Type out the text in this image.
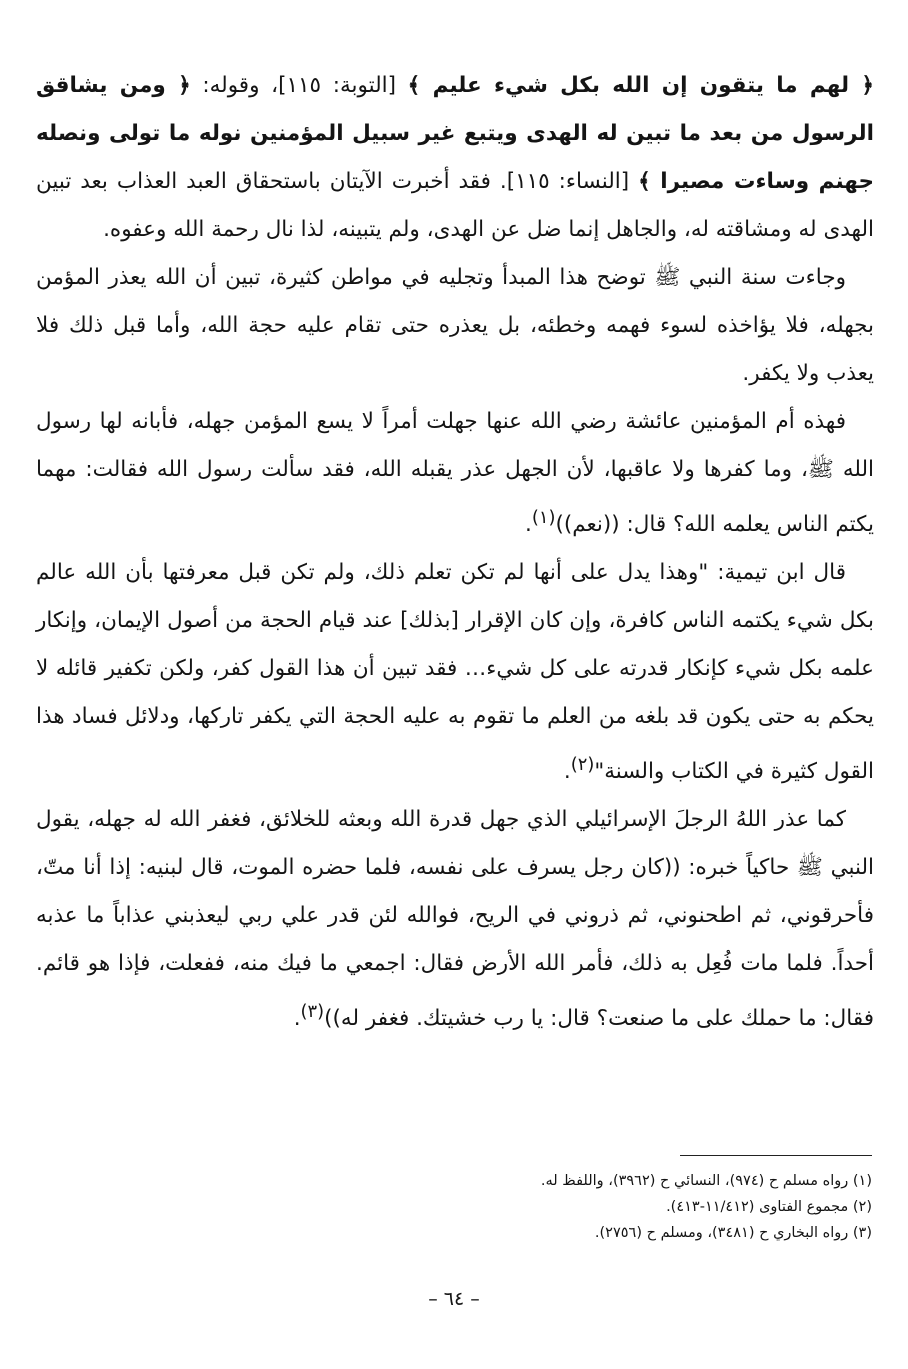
﴿ لهم ما يتقون إن الله بكل شيء عليم ﴾ [التوبة: ١١٥]، وقوله: ﴿ ومن يشاقق الرسول من بعد ما تبين له الهدى ويتبع غير سبيل المؤمنين نوله ما تولى ونصله جهنم وساءت مصيرا ﴾ [النساء: ١١٥]. فقد أخبرت الآيتان باستحقاق العبد العذاب بعد تبين الهدى له ومشاقته له، والجاهل إنما ضل عن الهدى، ولم يتبينه، لذا نال رحمة الله وعفوه.

وجاءت سنة النبي ﷺ توضح هذا المبدأ وتجليه في مواطن كثيرة، تبين أن الله يعذر المؤمن بجهله، فلا يؤاخذه لسوء فهمه وخطئه، بل يعذره حتى تقام عليه حجة الله، وأما قبل ذلك فلا يعذب ولا يكفر.

فهذه أم المؤمنين عائشة رضي الله عنها جهلت أمراً لا يسع المؤمن جهله، فأبانه لها رسول الله ﷺ، وما كفرها ولا عاقبها، لأن الجهل عذر يقبله الله، فقد سألت رسول الله فقالت: مهما يكتم الناس يعلمه الله؟ قال: ((نعم))$^{(١)}$.

قال ابن تيمية: "وهذا يدل على أنها لم تكن تعلم ذلك، ولم تكن قبل معرفتها بأن الله عالم بكل شيء يكتمه الناس كافرة، وإن كان الإقرار [بذلك] عند قيام الحجة من أصول الإيمان، وإنكار علمه بكل شيء كإنكار قدرته على كل شيء… فقد تبين أن هذا القول كفر، ولكن تكفير قائله لا يحكم به حتى يكون قد بلغه من العلم ما تقوم به عليه الحجة التي يكفر تاركها، ودلائل فساد هذا القول كثيرة في الكتاب والسنة"$^{(٢)}$.

كما عذر اللهُ الرجلَ الإسرائيلي الذي جهل قدرة الله وبعثه للخلائق، فغفر الله له جهله، يقول النبي ﷺ حاكياً خبره: ((كان رجل يسرف على نفسه، فلما حضره الموت، قال لبنيه: إذا أنا متّ، فأحرقوني، ثم اطحنوني، ثم ذروني في الريح، فوالله لئن قدر علي ربي ليعذبني عذاباً ما عذبه أحداً. فلما مات فُعِل به ذلك، فأمر الله الأرض فقال: اجمعي ما فيك منه، ففعلت، فإذا هو قائم. فقال: ما حملك على ما صنعت؟ قال: يا رب خشيتك. فغفر له))$^{(٣)}$.

(١) رواه مسلم ح (٩٧٤)، النسائي ح (٣٩٦٢)، واللفظ له.

(٢) مجموع الفتاوى (١١/٤١٢-٤١٣).

(٣) رواه البخاري ح (٣٤٨١)، ومسلم ح (٢٧٥٦).

– ٦٤ –
